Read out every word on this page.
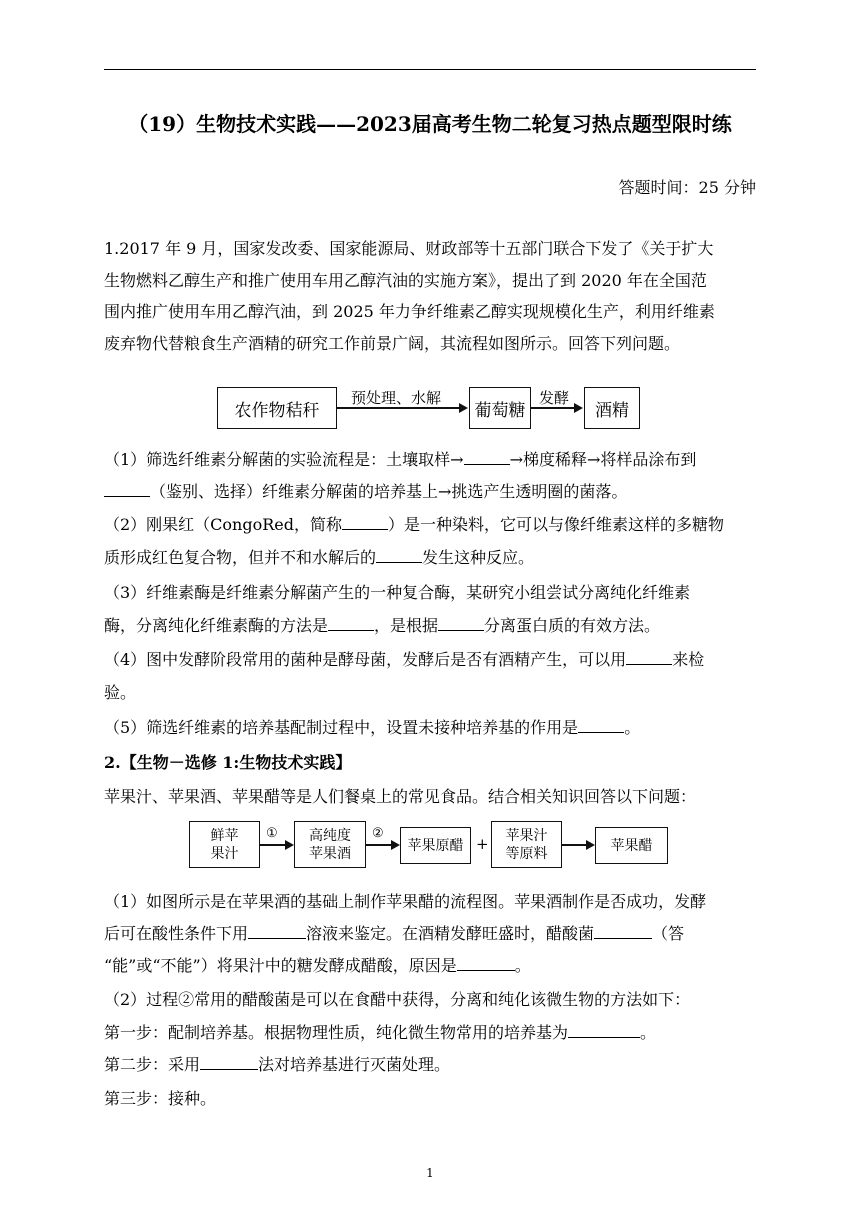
（19）生物技术实践——2023届高考生物二轮复习热点题型限时练
答题时间：25 分钟
1.2017 年 9 月，国家发改委、国家能源局、财政部等十五部门联合下发了《关于扩大
生物燃料乙醇生产和推广使用车用乙醇汽油的实施方案》，提出了到 2020 年在全国范
围内推广使用车用乙醇汽油，到 2025 年力争纤维素乙醇实现规模化生产，利用纤维素
废弃物代替粮食生产酒精的研究工作前景广阔，其流程如图所示。回答下列问题。
农作物秸秆
预处理、水解
葡萄糖
发酵
酒精
（1）筛选纤维素分解菌的实验流程是：土壤取样→	→梯度稀释→将样品涂布到
（鉴别、选择）纤维素分解菌的培养基上→挑选产生透明圈的菌落。
（2）刚果红（CongoRed，简称	）是一种染料，它可以与像纤维素这样的多糖物
质形成红色复合物，但并不和水解后的	发生这种反应。
（3）纤维素酶是纤维素分解菌产生的一种复合酶，某研究小组尝试分离纯化纤维素
酶，分离纯化纤维素酶的方法是	，是根据	分离蛋白质的有效方法。
（4）图中发酵阶段常用的菌种是酵母菌，发酵后是否有酒精产生，可以用	来检
验。
（5）筛选纤维素的培养基配制过程中，设置未接种培养基的作用是	。
2.【生物－选修 1:生物技术实践】
苹果汁、苹果酒、苹果醋等是人们餐桌上的常见食品。结合相关知识回答以下问题：
鲜苹
果汁
① 高纯度
苹果酒
②
苹果原醋 + 苹果汁
等原料	苹果醋
（1）如图所示是在苹果酒的基础上制作苹果醋的流程图。苹果酒制作是否成功，发酵
后可在酸性条件下用	溶液来鉴定。在酒精发酵旺盛时，醋酸菌	（答
“能”或“不能”）将果汁中的糖发酵成醋酸，原因是	。
（2）过程②常用的醋酸菌是可以在食醋中获得，分离和纯化该微生物的方法如下：
第一步：配制培养基。根据物理性质，纯化微生物常用的培养基为	。
第二步：采用	法对培养基进行灭菌处理。
第三步：接种。
1
